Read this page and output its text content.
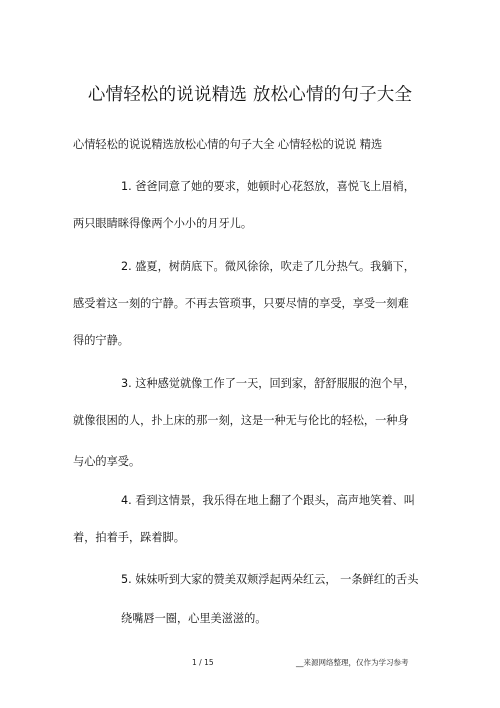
心情轻松的说说精选 放松心情的句子大全
心情轻松的说说精选放松心情的句子大全 心情轻松的说说 精选
1. 爸爸同意了她的要求，她顿时心花怒放，喜悦飞上眉梢，
两只眼睛眯得像两个小小的月牙儿。
2. 盛夏，树荫底下。微风徐徐，吹走了几分热气。我躺下，
感受着这一刻的宁静。不再去管琐事，只要尽情的享受，享受一刻难
得的宁静。
3. 这种感觉就像工作了一天，回到家，舒舒服服的泡个早，
就像很困的人，扑上床的那一刻，这是一种无与伦比的轻松，一种身
与心的享受。
4. 看到这情景，我乐得在地上翻了个跟头，高声地笑着、叫
着，拍着手，跺着脚。
5. 妹妹听到大家的赞美双颊浮起两朵红云， 一条鲜红的舌头
绕嘴唇一圈，心里美滋滋的。
1 / 15	__来源网络整理，仅作为学习参考
